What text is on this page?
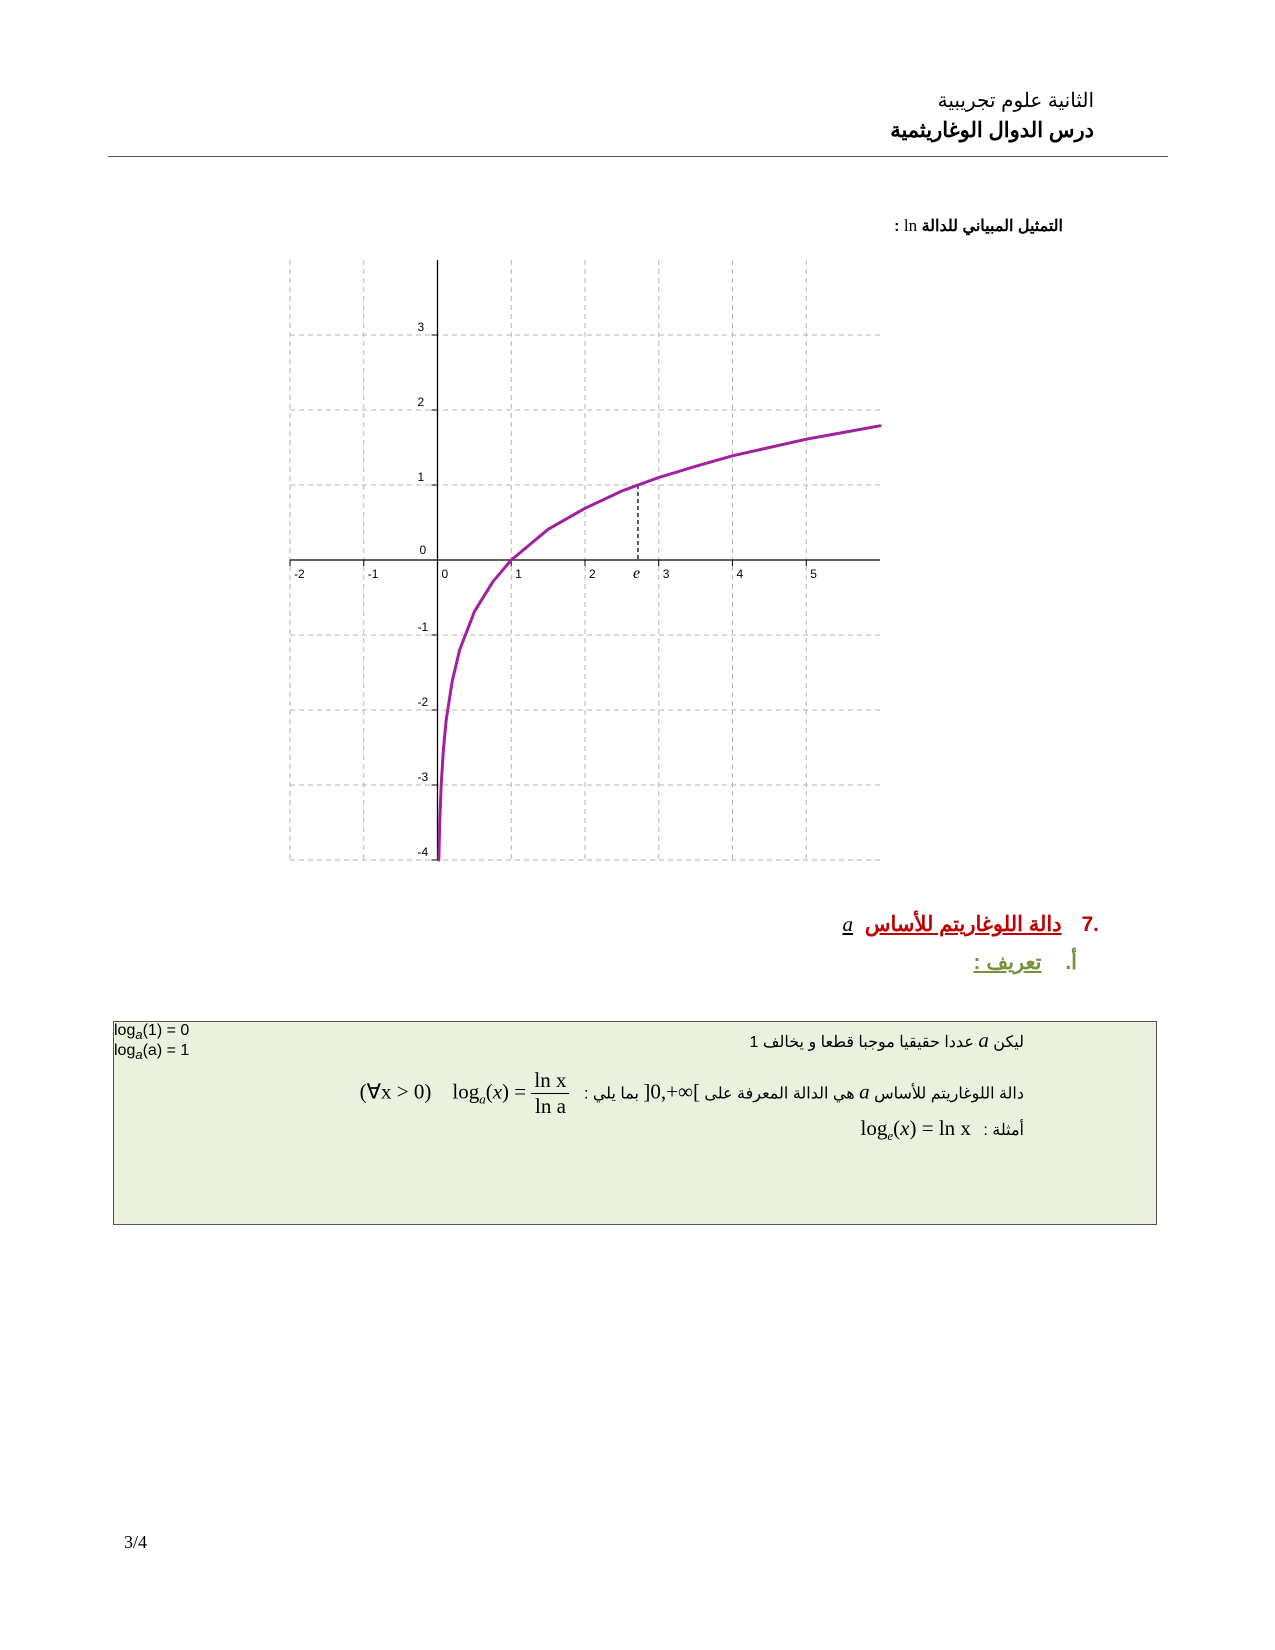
الثانية علوم تجريبية
درس الدوال الوغاريثمية
التمثيل المبياني للدالة ln :
-2	-1	0	1	2	3	4	5
-4
-3
-2
-1
0
1
2
3
e
.7 دالة اللوغاريتم للأساس a
أ. تعريف :
ليكن a عددا حقيقيا موجبا قطعا و يخالف 1
دالة اللوغاريتم للأساس a هي الدالة المعرفة على ]0,+∞[ بما يلي : (∀x > 0) $\log_a(x) = \frac{\text{ln x}}{\text{ln a}}$
أمثلة : $\log_e(x) = \ln x$
$\log_a(1) = 0$
$\log_a(a) = 1$
3/4
